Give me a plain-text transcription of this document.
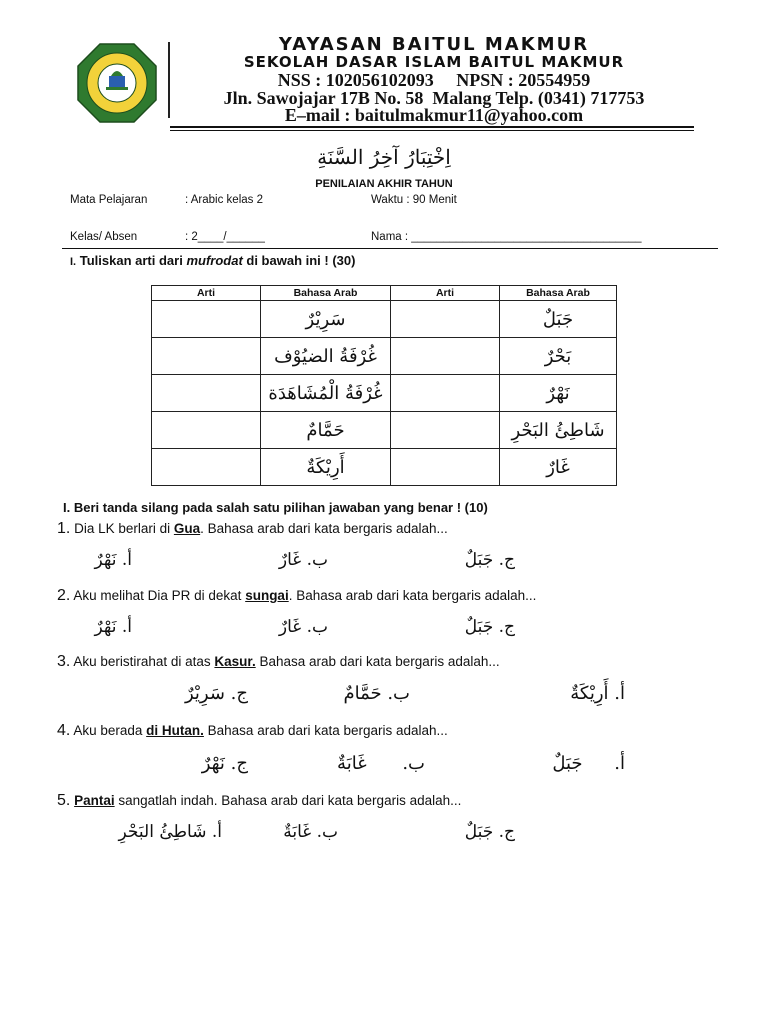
YAYASAN BAITUL MAKMUR
SEKOLAH DASAR ISLAM BAITUL MAKMUR
NSS : 102056102093     NPSN : 20554959
Jln. Sawojajar 17B No. 58  Malang Telp. (0341) 717753
E–mail : baitulmakmur11@yahoo.com
اِخْتِبَارُ آخِرُ السَّنَةِ
PENILAIAN AKHIR TAHUN
Mata Pelajaran	: Arabic kelas 2	Waktu : 90 Menit
Kelas/ Absen	: 2____/______	Nama : ____________________________________
I. Tuliskan arti dari mufrodat di bawah ini ! (30)
Arti	Bahasa Arab	Arti	Bahasa Arab
	سَرِيْرٌ		جَبَلٌ
	غُرْفَةُ الضيُوْف		بَحْرٌ
	غُرْفَةُ الْمُشَاهَدَة		نَهْرٌ
	حَمَّامٌ		شَاطِئُ البَحْرِ
	أَرِيْكَةٌ		غَارٌ
I. Beri tanda silang pada salah satu pilihan jawaban yang benar ! (10)
1. Dia LK berlari di Gua. Bahasa arab dari kata bergaris adalah...
أ. نَهْرٌ	ب. غَارٌ	ج. جَبَلٌ
2. Aku melihat Dia PR di dekat sungai. Bahasa arab dari kata bergaris adalah...
أ. نَهْرٌ	ب. غَارٌ	ج. جَبَلٌ
3. Aku beristirahat di atas Kasur. Bahasa arab dari kata bergaris adalah...
أ. أَرِيْكَةٌ
ب. حَمَّامٌ
ج. سَرِيْرٌ
4. Aku berada di Hutan. Bahasa arab dari kata bergaris adalah...
أ. جَبَلٌ
ب. غَابَةٌ
ج. نَهْرٌ
5. Pantai sangatlah indah. Bahasa arab dari kata bergaris adalah...
أ. شَاطِئُ البَحْرِ	ب. غَابَةٌ	ج. جَبَلٌ
